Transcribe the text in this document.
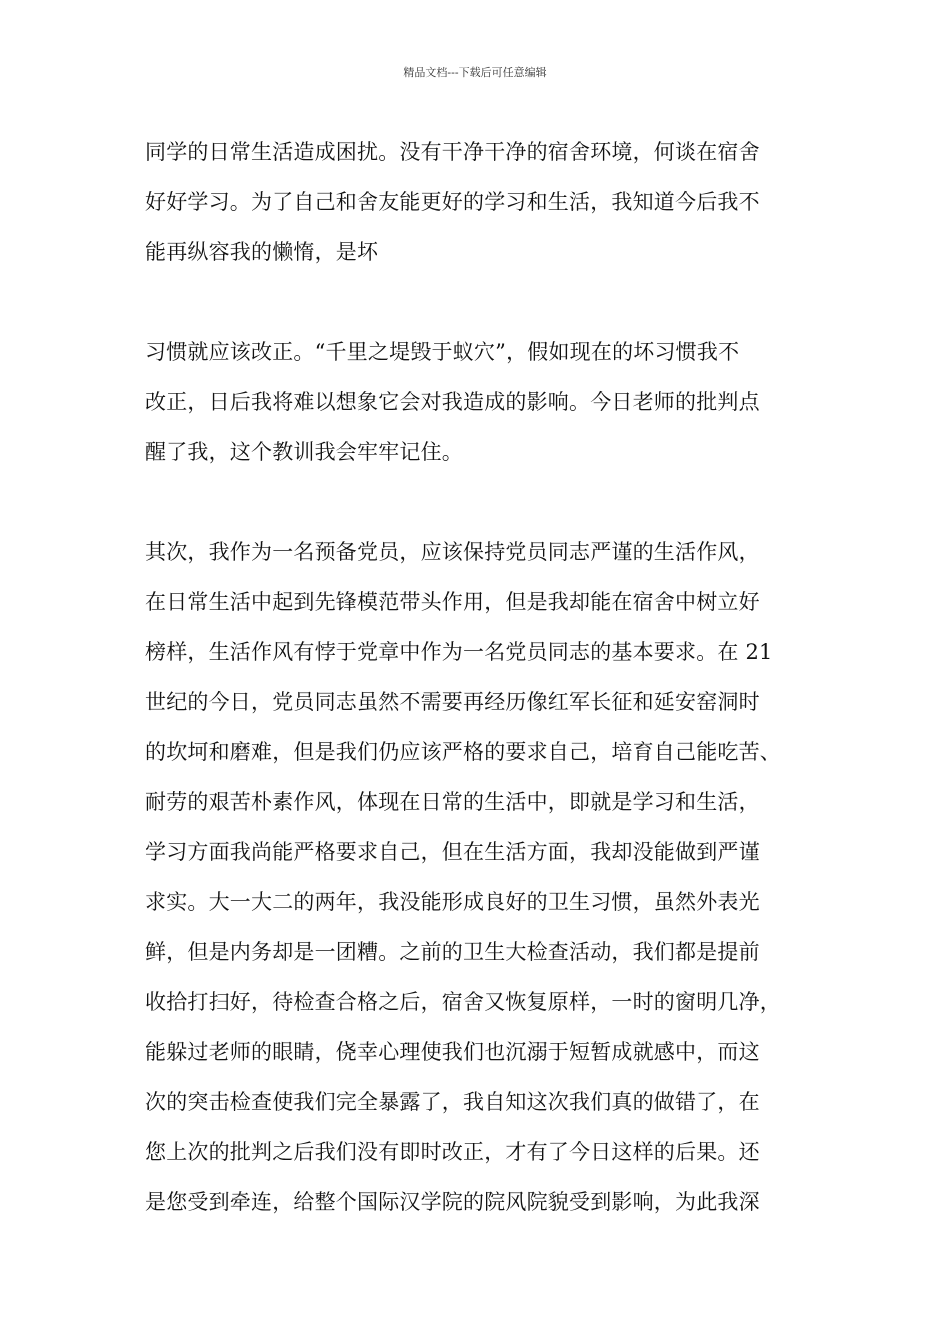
精品文档---下载后可任意编辑
同学的日常生活造成困扰。没有干净干净的宿舍环境，何谈在宿舍
好好学习。为了自己和舍友能更好的学习和生活，我知道今后我不
能再纵容我的懒惰，是坏
习惯就应该改正。“千里之堤毁于蚁穴”，假如现在的坏习惯我不
改正，日后我将难以想象它会对我造成的影响。今日老师的批判点
醒了我，这个教训我会牢牢记住。
其次，我作为一名预备党员，应该保持党员同志严谨的生活作风，
在日常生活中起到先锋模范带头作用，但是我却能在宿舍中树立好
榜样，生活作风有悖于党章中作为一名党员同志的基本要求。在 21
世纪的今日，党员同志虽然不需要再经历像红军长征和延安窑洞时
的坎坷和磨难，但是我们仍应该严格的要求自己，培育自己能吃苦、
耐劳的艰苦朴素作风，体现在日常的生活中，即就是学习和生活，
学习方面我尚能严格要求自己，但在生活方面，我却没能做到严谨
求实。大一大二的两年，我没能形成良好的卫生习惯，虽然外表光
鲜，但是内务却是一团糟。之前的卫生大检查活动，我们都是提前
收拾打扫好，待检查合格之后，宿舍又恢复原样，一时的窗明几净，
能躲过老师的眼睛，侥幸心理使我们也沉溺于短暂成就感中，而这
次的突击检查使我们完全暴露了，我自知这次我们真的做错了，在
您上次的批判之后我们没有即时改正，才有了今日这样的后果。还
是您受到牵连，给整个国际汉学院的院风院貌受到影响，为此我深
